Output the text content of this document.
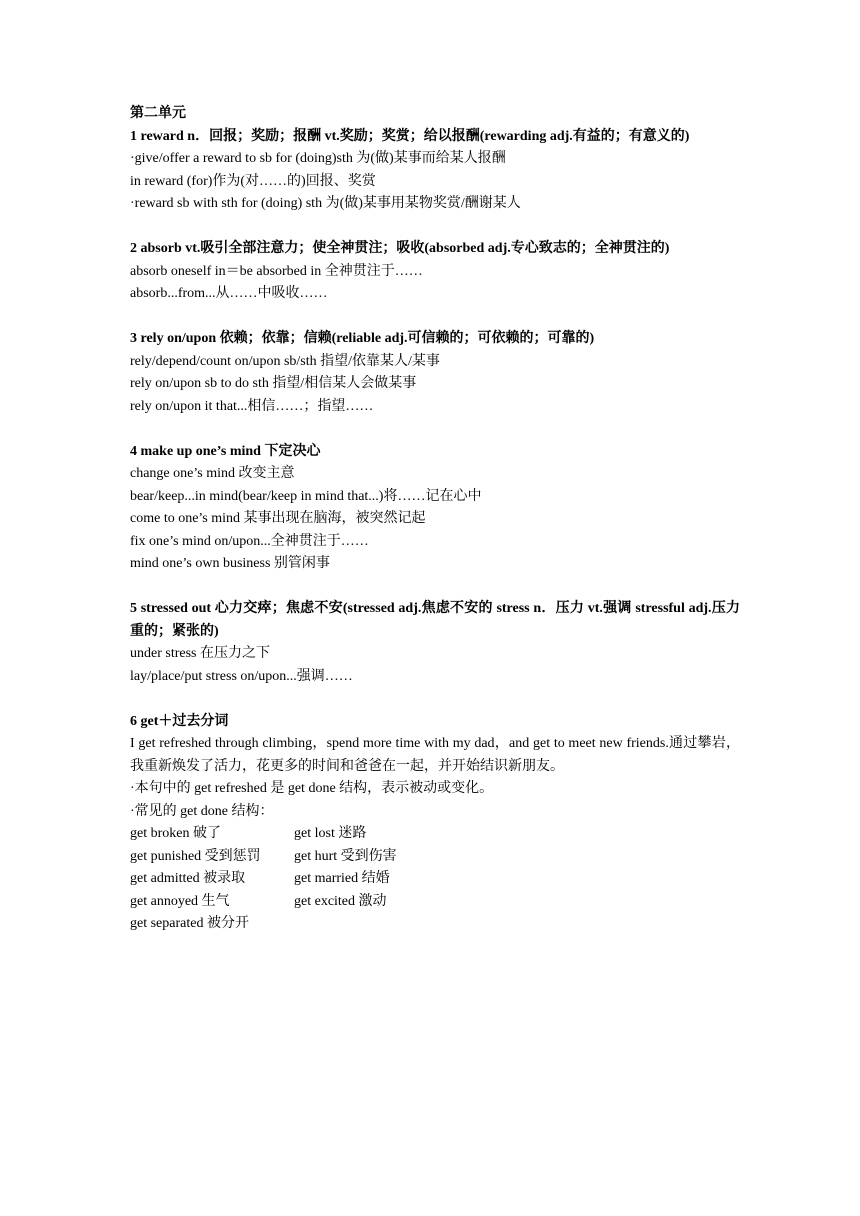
第二单元
1 reward n．回报；奖励；报酬 vt.奖励；奖赏；给以报酬(rewarding adj.有益的；有意义的)
·give/offer a reward to sb for (doing)sth 为(做)某事而给某人报酬
in reward (for)作为(对……的)回报、奖赏
·reward sb with sth for (doing) sth 为(做)某事用某物奖赏/酬谢某人
2 absorb vt.吸引全部注意力；使全神贯注；吸收(absorbed adj.专心致志的；全神贯注的)
absorb oneself in＝be absorbed in 全神贯注于……
absorb...from...从……中吸收……
3 rely on/upon 依赖；依靠；信赖(reliable adj.可信赖的；可依赖的；可靠的)
rely/depend/count on/upon sb/sth 指望/依靠某人/某事
rely on/upon sb to do sth 指望/相信某人会做某事
rely on/upon it that...相信……；指望……
4 make up one’s mind 下定决心
change one’s mind 改变主意
bear/keep...in mind(bear/keep in mind that...)将……记在心中
come to one’s mind 某事出现在脑海，被突然记起
fix one’s mind on/upon...全神贯注于……
mind one’s own business 别管闲事
5 stressed out 心力交瘁；焦虑不安(stressed adj.焦虑不安的 stress n．压力 vt.强调 stressful adj.压力重的；紧张的)
under stress 在压力之下
lay/place/put stress on/upon...强调……
6 get＋过去分词
I get refreshed through climbing，spend more time with my dad，and get to meet new friends.通过攀岩，我重新焕发了活力，花更多的时间和爸爸在一起，并开始结识新朋友。
·本句中的 get refreshed 是 get done 结构，表示被动或变化。
·常见的 get done 结构：
get broken 破了	get lost 迷路
get punished 受到惩罚	get hurt 受到伤害
get admitted 被录取	get married 结婚
get annoyed 生气	get excited 激动
get separated 被分开
